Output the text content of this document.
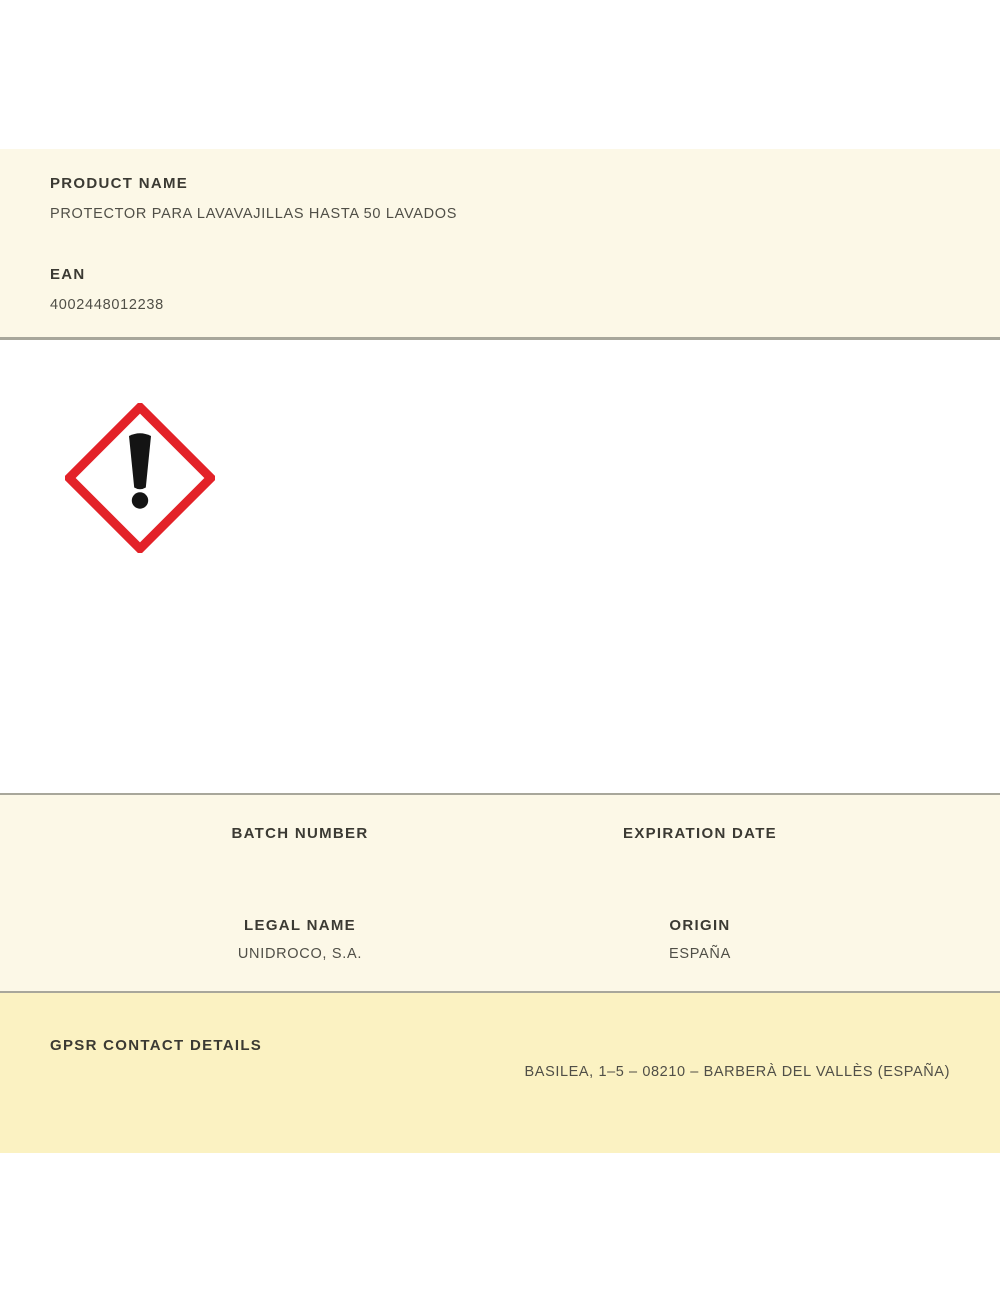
PRODUCT NAME
PROTECTOR PARA LAVAVAJILLAS HASTA 50 LAVADOS
EAN
4002448012238
BATCH NUMBER	EXPIRATION DATE
LEGAL NAME
UNIDROCO, S.A.
ORIGIN
ESPAÑA
GPSR CONTACT DETAILS
BASILEA, 1–5 – 08210 – BARBERÀ DEL VALLÈS (ESPAÑA)
